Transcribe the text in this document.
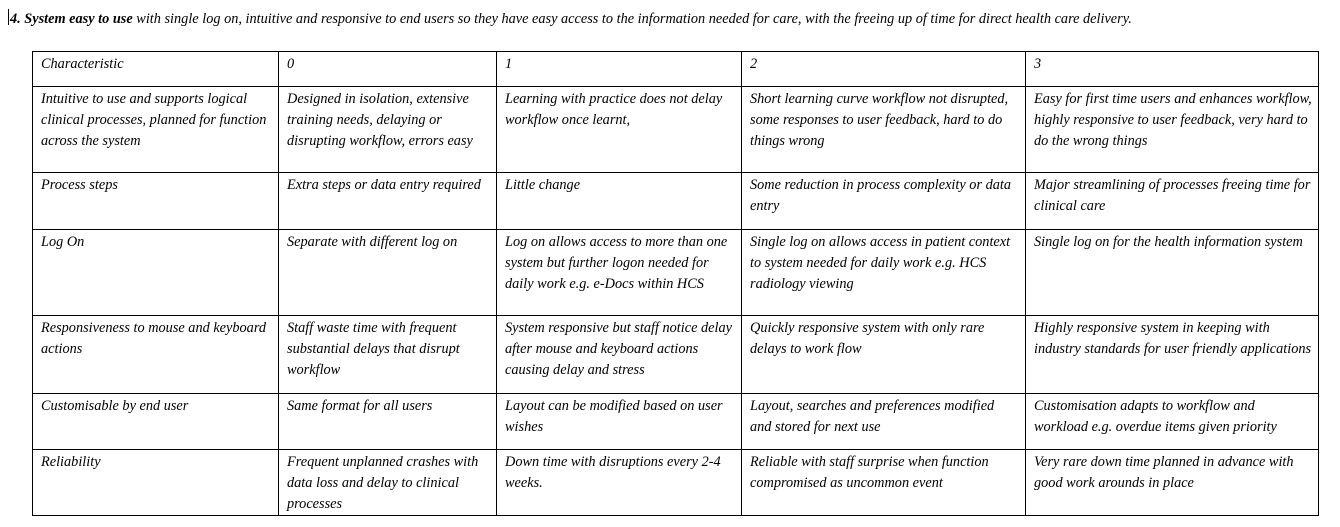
4. System easy to use with single log on, intuitive and responsive to end users so they have easy access to the information needed for care, with the freeing up of time for direct health care delivery.
Characteristic	0	1	2	3
Intuitive to use and supports logical clinical processes, planned for function across the system	Designed in isolation, extensive training needs, delaying or disrupting workflow, errors easy	Learning with practice does not delay workflow once learnt,	Short learning curve workflow not disrupted, some responses to user feedback, hard to do things wrong	Easy for first time users and enhances workflow, highly responsive to user feedback, very hard to do the wrong things
Process steps	Extra steps or data entry required	Little change	Some reduction in process complexity or data entry	Major streamlining of processes freeing time for clinical care
Log On	Separate with different log on	Log on allows access to more than one system but further logon needed for daily work e.g. e-Docs within HCS	Single log on allows access in patient context to system needed for daily work e.g. HCS radiology viewing	Single log on for the health information system
Responsiveness to mouse and keyboard actions	Staff waste time with frequent substantial delays that disrupt workflow	System responsive but staff notice delay after mouse and keyboard actions causing delay and stress	Quickly responsive system with only rare delays to work flow	Highly responsive system in keeping with industry standards for user friendly applications
Customisable by end user	Same format for all users	Layout can be modified based on user wishes	Layout, searches and preferences modified and stored for next use	Customisation adapts to workflow and workload e.g. overdue items given priority
Reliability	Frequent unplanned crashes with data loss and delay to clinical processes	Down time with disruptions every 2-4 weeks.	Reliable with staff surprise when function compromised as uncommon event	Very rare down time planned in advance with good work arounds in place
